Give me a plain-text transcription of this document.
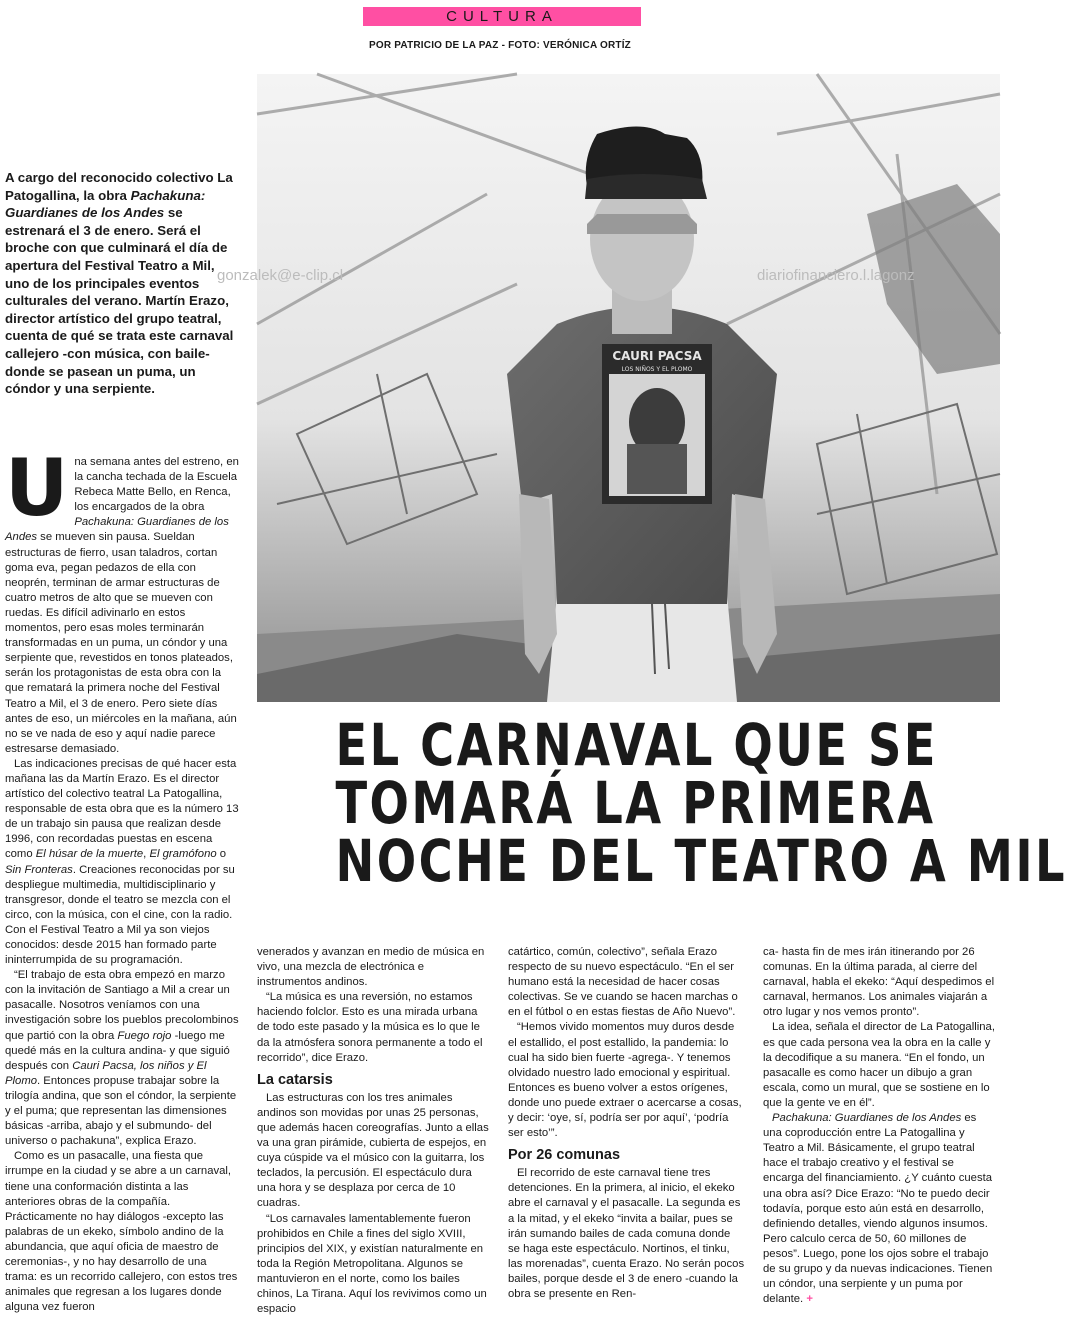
CULTURA
POR PATRICIO DE LA PAZ - FOTO: VERÓNICA ORTÍZ
CAURI PACSA
LOS NIÑOS Y EL PLOMO
gonzalek@e-clip.cl	diariofinanciero.l.lagonz
A cargo del reconocido colectivo La Patogallina, la obra Pachakuna: Guardianes de los Andes se estrenará el 3 de enero. Será el broche con que culminará el día de apertura del Festival Teatro a Mil, uno de los principales eventos culturales del verano. Martín Erazo, director artístico del grupo teatral, cuenta de qué se trata este carnaval callejero -con música, con baile- donde se pasean un puma, un cóndor y una serpiente.
EL CARNAVAL QUE SE
TOMARÁ LA PRIMERA
NOCHE DEL TEATRO A MIL
U na semana antes del estreno, en la cancha techada de la Escuela Rebeca Matte Bello, en Renca, los encargados de la obra Pachakuna: Guardianes de los Andes se mueven sin pausa. Sueldan estructuras de fierro, usan taladros, cortan goma eva, pegan pedazos de ella con neoprén, terminan de armar estructuras de cuatro metros de alto que se mueven con ruedas. Es difícil adivinarlo en estos momentos, pero esas moles terminarán transformadas en un puma, un cóndor y una serpiente que, revestidos en tonos plateados, serán los protagonistas de esta obra con la que rematará la primera noche del Festival Teatro a Mil, el 3 de enero. Pero siete días antes de eso, un miércoles en la mañana, aún no se ve nada de eso y aquí nadie parece estresarse demasiado.

Las indicaciones precisas de qué hacer esta mañana las da Martín Erazo. Es el director artístico del colectivo teatral La Patogallina, responsable de esta obra que es la número 13 de un trabajo sin pausa que realizan desde 1996, con recordadas puestas en escena como El húsar de la muerte, El gramófono o Sin Fronteras. Creaciones reconocidas por su despliegue multimedia, multidisciplinario y transgresor, donde el teatro se mezcla con el circo, con la música, con el cine, con la radio. Con el Festival Teatro a Mil ya son viejos conocidos: desde 2015 han formado parte ininterrumpida de su programación.

“El trabajo de esta obra empezó en marzo con la invitación de Santiago a Mil a crear un pasacalle. Nosotros veníamos con una investigación sobre los pueblos precolombinos que partió con la obra Fuego rojo -luego me quedé más en la cultura andina- y que siguió después con Cauri Pacsa, los niños y El Plomo. Entonces propuse trabajar sobre la trilogía andina, que son el cóndor, la serpiente y el puma; que representan las dimensiones básicas -arriba, abajo y el submundo- del universo o pachakuna”, explica Erazo.

Como es un pasacalle, una fiesta que irrumpe en la ciudad y se abre a un carnaval, tiene una conformación distinta a las anteriores obras de la compañía. Prácticamente no hay diálogos -excepto las palabras de un ekeko, símbolo andino de la abundancia, que aquí oficia de maestro de ceremonias-, y no hay desarrollo de una trama: es un recorrido callejero, con estos tres animales que regresan a los lugares donde alguna vez fueron

venerados y avanzan en medio de música en vivo, una mezcla de electrónica e instrumentos andinos.

“La música es una reversión, no estamos haciendo folclor. Esto es una mirada urbana de todo este pasado y la música es lo que le da la atmósfera sonora permanente a todo el recorrido”, dice Erazo.

La catarsis

Las estructuras con los tres animales andinos son movidas por unas 25 personas, que además hacen coreografías. Junto a ellas va una gran pirámide, cubierta de espejos, en cuya cúspide va el músico con la guitarra, los teclados, la percusión. El espectáculo dura una hora y se desplaza por cerca de 10 cuadras.

“Los carnavales lamentablemente fueron prohibidos en Chile a fines del siglo XVIII, principios del XIX, y existían naturalmente en toda la Región Metropolitana. Algunos se mantuvieron en el norte, como los bailes chinos, La Tirana. Aquí los revivimos como un espacio

catártico, común, colectivo”, señala Erazo respecto de su nuevo espectáculo. “En el ser humano está la necesidad de hacer cosas colectivas. Se ve cuando se hacen marchas o en el fútbol o en estas fiestas de Año Nuevo”.

“Hemos vivido momentos muy duros desde el estallido, el post estallido, la pandemia: lo cual ha sido bien fuerte -agrega-. Y tenemos olvidado nuestro lado emocional y espiritual. Entonces es bueno volver a estos orígenes, donde uno puede extraer o acercarse a cosas, y decir: ‘oye, sí, podría ser por aquí’, ‘podría ser esto’”.

Por 26 comunas

El recorrido de este carnaval tiene tres detenciones. En la primera, al inicio, el ekeko abre el carnaval y el pasacalle. La segunda es a la mitad, y el ekeko “invita a bailar, pues se irán sumando bailes de cada comuna donde se haga este espectáculo. Nortinos, el tinku, las morenadas”, cuenta Erazo. No serán pocos bailes, porque desde el 3 de enero -cuando la obra se presente en Ren-

ca- hasta fin de mes irán itinerando por 26 comunas. En la última parada, al cierre del carnaval, habla el ekeko: “Aquí despedimos el carnaval, hermanos. Los animales viajarán a otro lugar y nos vemos pronto”.

La idea, señala el director de La Patogallina, es que cada persona vea la obra en la calle y la decodifique a su manera. “En el fondo, un pasacalle es como hacer un dibujo a gran escala, como un mural, que se sostiene en lo que la gente ve en él”.

Pachakuna: Guardianes de los Andes es una coproducción entre La Patogallina y Teatro a Mil. Básicamente, el grupo teatral hace el trabajo creativo y el festival se encarga del financiamiento. ¿Y cuánto cuesta una obra así? Dice Erazo: “No te puedo decir todavía, porque esto aún está en desarrollo, definiendo detalles, viendo algunos insumos. Pero calculo cerca de 50, 60 millones de pesos”. Luego, pone los ojos sobre el trabajo de su grupo y da nuevas indicaciones. Tienen un cóndor, una serpiente y un puma por delante. +
